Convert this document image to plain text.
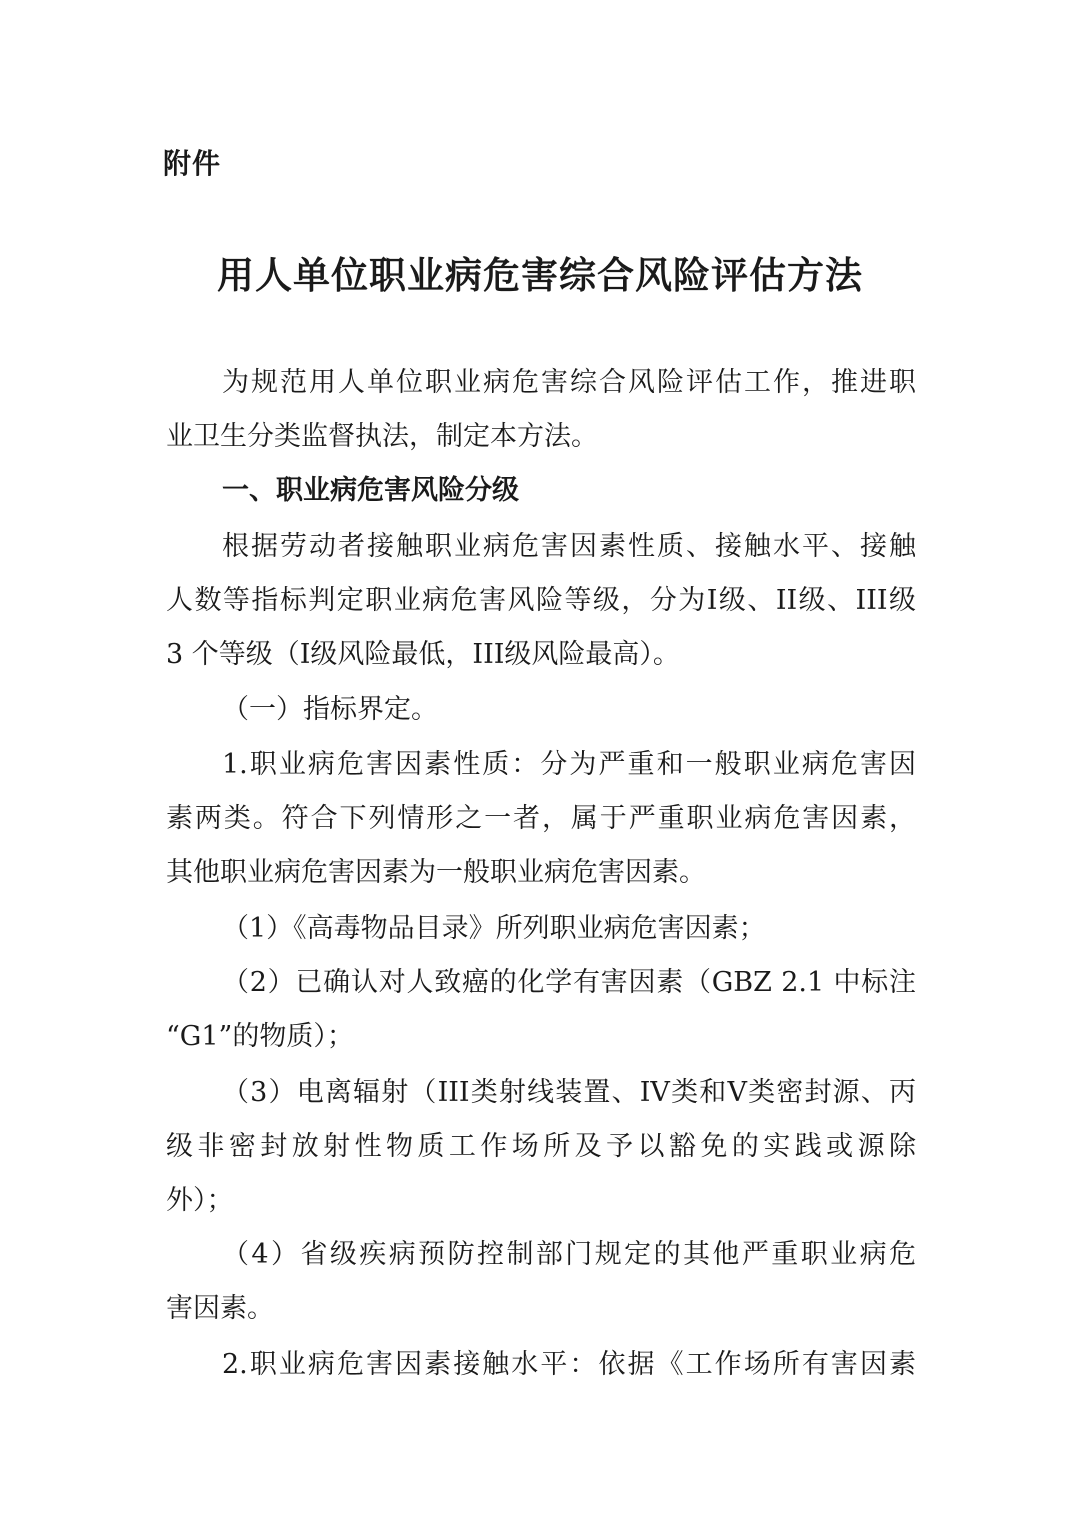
附件
用人单位职业病危害综合风险评估方法
为规范用人单位职业病危害综合风险评估工作，推进职
业卫生分类监督执法，制定本方法。
一、职业病危害风险分级
根据劳动者接触职业病危害因素性质、接触水平、接触
人数等指标判定职业病危害风险等级，分为I级、II级、III级
3 个等级（I级风险最低，III级风险最高）。
（一）指标界定。
1.职业病危害因素性质：分为严重和一般职业病危害因
素两类。符合下列情形之一者，属于严重职业病危害因素，
其他职业病危害因素为一般职业病危害因素。
（1）《高毒物品目录》所列职业病危害因素；
（2）已确认对人致癌的化学有害因素（GBZ 2.1 中标注
“G1”的物质）；
（3）电离辐射（III类射线装置、IV类和V类密封源、丙
级非密封放射性物质工作场所及予以豁免的实践或源除
外）；
（4）省级疾病预防控制部门规定的其他严重职业病危
害因素。
2.职业病危害因素接触水平：依据《工作场所有害因素
